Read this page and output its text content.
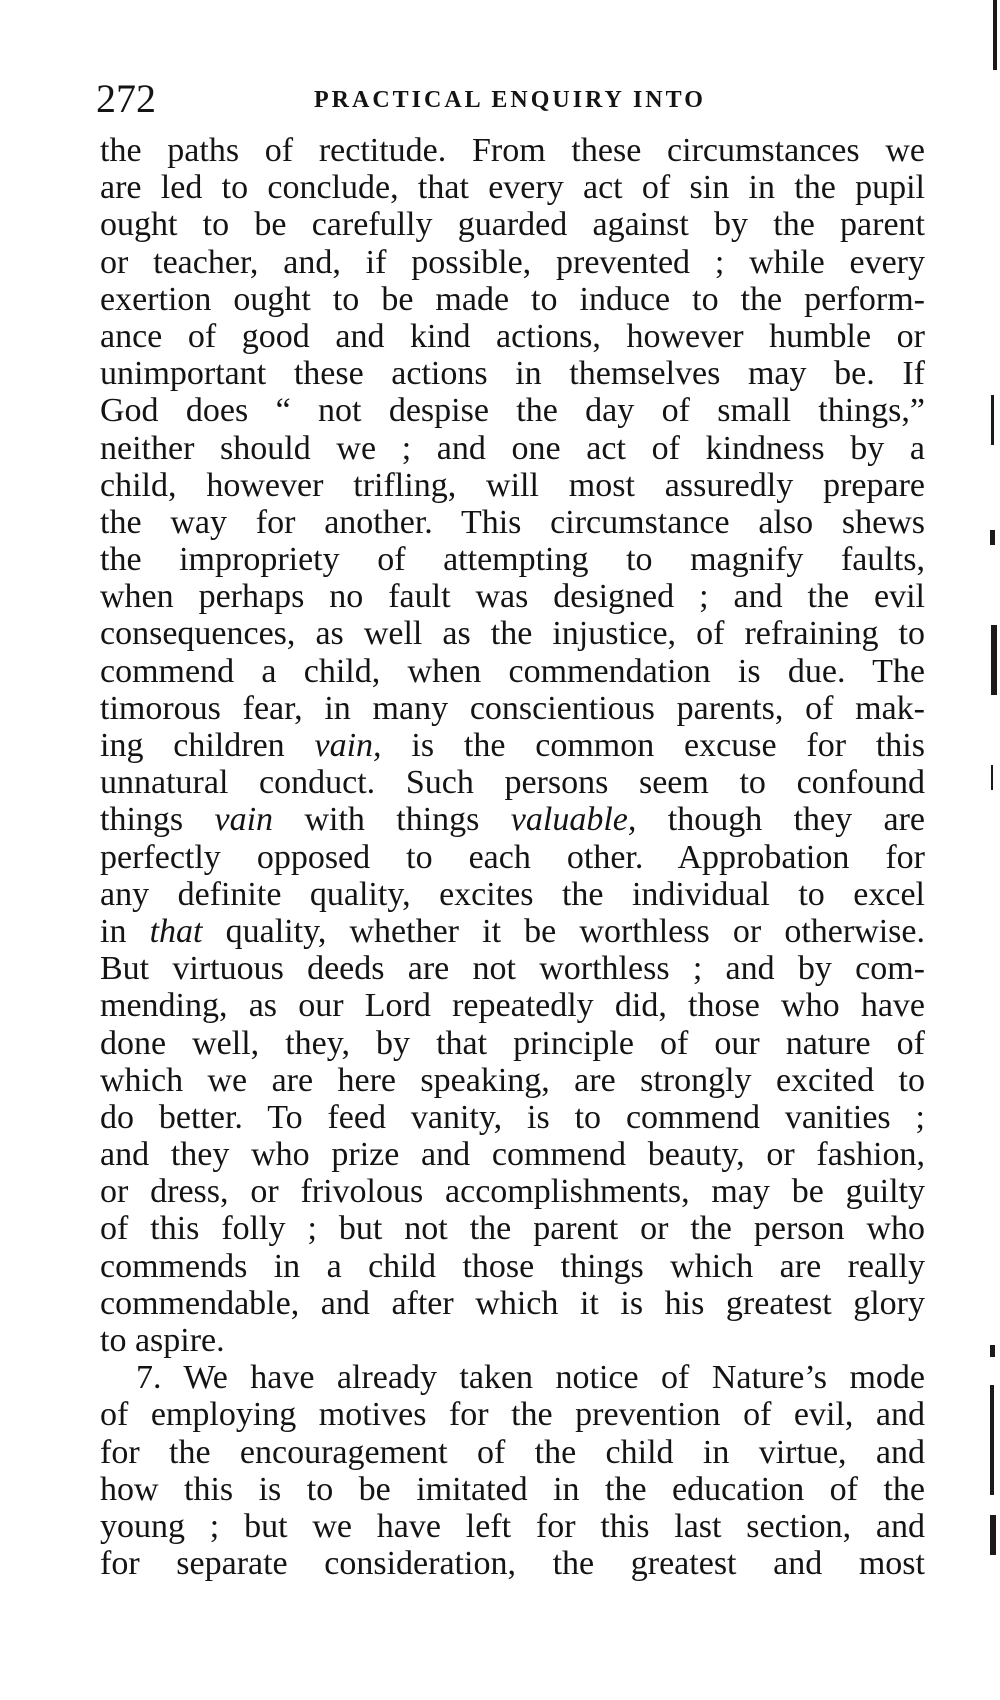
272	PRACTICAL ENQUIRY INTO
the paths of rectitude. From these circumstances we
are led to conclude, that every act of sin in the pupil
ought to be carefully guarded against by the parent
or teacher, and, if possible, prevented ; while every
exertion ought to be made to induce to the perform-
ance of good and kind actions, however humble or
unimportant these actions in themselves may be. If
God does “ not despise the day of small things,”
neither should we ; and one act of kindness by a
child, however trifling, will most assuredly prepare
the way for another. This circumstance also shews
the impropriety of attempting to magnify faults,
when perhaps no fault was designed ; and the evil
consequences, as well as the injustice, of refraining to
commend a child, when commendation is due. The
timorous fear, in many conscientious parents, of mak-
ing children vain, is the common excuse for this
unnatural conduct. Such persons seem to confound
things vain with things valuable, though they are
perfectly opposed to each other. Approbation for
any definite quality, excites the individual to excel
in that quality, whether it be worthless or otherwise.
But virtuous deeds are not worthless ; and by com-
mending, as our Lord repeatedly did, those who have
done well, they, by that principle of our nature of
which we are here speaking, are strongly excited to
do better. To feed vanity, is to commend vanities ;
and they who prize and commend beauty, or fashion,
or dress, or frivolous accomplishments, may be guilty
of this folly ; but not the parent or the person who
commends in a child those things which are really
commendable, and after which it is his greatest glory
to aspire.
7. We have already taken notice of Nature’s mode
of employing motives for the prevention of evil, and
for the encouragement of the child in virtue, and
how this is to be imitated in the education of the
young ; but we have left for this last section, and
for separate consideration, the greatest and most
